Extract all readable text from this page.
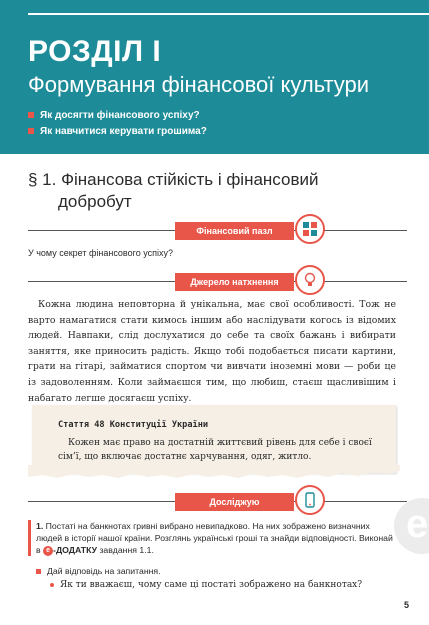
РОЗДІЛ І
Формування фінансової культури
Як досягти фінансового успіху?
Як навчитися керувати грошима?
§ 1. Фінансова стійкість і фінансовий
добробут
Фінансовий пазл
У чому секрет фінансового успіху?
Джерело натхнення
Кожна людина неповторна й унікальна, має свої особливості. Тож не варто намагатися стати кимось іншим або наслідувати когось із відомих людей. Навпаки, слід дослухатися до себе та своїх бажань і вибирати заняття, яке приносить радість. Якщо тобі подобається писати картини, грати на гітарі, займатися спортом чи вивчати іноземні мови — роби це із задоволенням. Коли займаєшся тим, що любиш, стаєш щасливішим і набагато легше досягаєш успіху.
Стаття 48 Конституції України
Кожен має право на достатній життєвий рівень для себе і своєї сім’ї, що включає достатнє харчування, одяг, житло.
Досліджую	е
1. Постаті на банкнотах гривні вибрано невипадково. На них зображено визначних людей в історії нашої країни. Розглянь українські гроші та знайди відповідності. Виконай в е -ДОДАТКУ завдання 1.1.
Дай відповідь на запитання.
Як ти вважаєш, чому саме ці постаті зображено на банкнотах?
5
